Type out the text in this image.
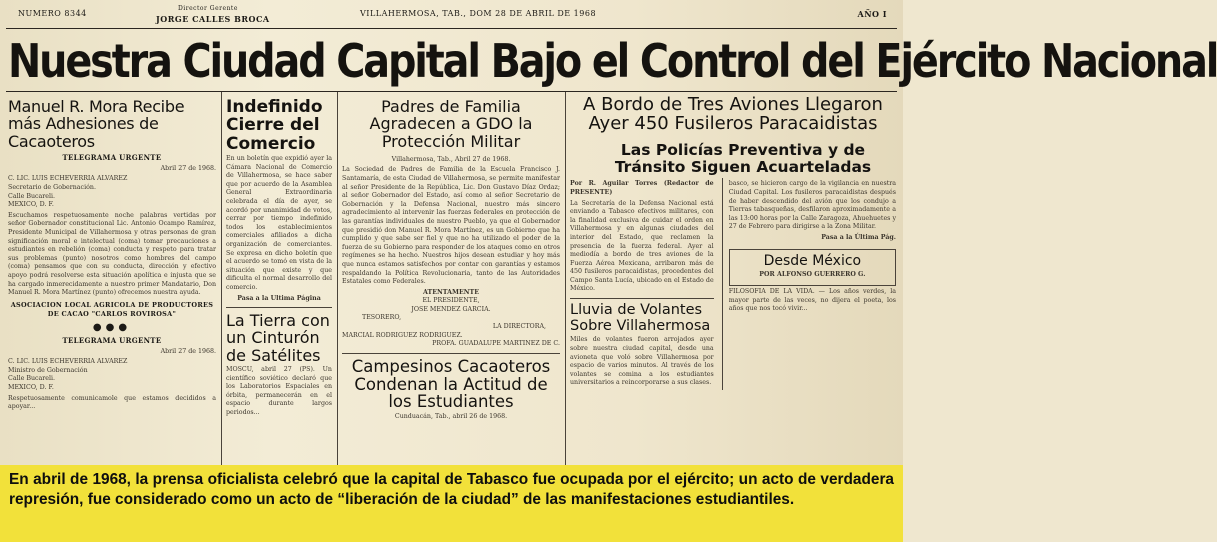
NUMERO 8344
Director Gerente
JORGE CALLES BROCA
VILLAHERMOSA, TAB., DOM 28 DE ABRIL DE 1968	AÑO I
Nuestra Ciudad Capital Bajo el Control del Ejército Nacional
Manuel R. Mora Recibe más Adhesiones de Cacaoteros
TELEGRAMA URGENTE
Abril 27 de 1968.
C. LIC. LUIS ECHEVERRIA ALVAREZ
Secretario de Gobernación.
Calle Bucareli.
MEXICO, D. F.

Escuchamos respetuosamente noche palabras vertidas por señor Gobernador constitucional Lic. Antonio Ocampo Ramírez, Presidente Municipal de Villahermosa y otras personas de gran significación moral e intelectual (coma) tomar precauciones a estudiantes en rebelión (coma) conducta y respeto para tratar sus problemas (punto) nosotros como hombres del campo (coma) pensamos que con su conducta, dirección y efectivo apoyo podrá resolverse esta situación apolítica e injusta que se ha cargado inmerecidamente a nuestro primer Mandatario, Don Manuel R. Mora Martínez (punto) ofrecemos nuestra ayuda.

ASOCIACION LOCAL AGRICOLA DE PRODUCTORES DE CACAO "CARLOS ROVIROSA"
●●●
TELEGRAMA URGENTE
Abril 27 de 1968.
C. LIC. LUIS ECHEVERRIA ALVAREZ
Ministro de Gobernación
Calle Bucareli.
MEXICO, D. F.

Respetuosamente comunicamole que estamos decididos a apoyar...

Indefinido Cierre del Comercio

En un boletín que expidió ayer la Cámara Nacional de Comercio de Villahermosa, se hace saber que por acuerdo de la Asamblea General Extraordinaria celebrada el día de ayer, se acordó por unanimidad de votos, cerrar por tiempo indefinido todos los establecimientos comerciales afiliados a dicha organización de comerciantes. Se expresa en dicho boletín que el acuerdo se tomó en vista de la situación que existe y que dificulta el normal desarrollo del comercio.

Pasa a la Ultima Página
La Tierra con un Cinturón de Satélites

MOSCU, abril 27 (PS). Un científico soviético declaró que los Laboratorios Espaciales en órbita, permanecerán en el espacio durante largos periodos...

Padres de Familia Agradecen a GDO la Protección Militar
Villahermosa, Tab., Abril 27 de 1968.

La Sociedad de Padres de Familia de la Escuela Francisco J. Santamaría, de esta Ciudad de Villahermosa, se permite manifestar al señor Presidente de la República, Lic. Don Gustavo Díaz Ordaz; al señor Gobernador del Estado, así como al señor Secretario de Gobernación y la Defensa Nacional, nuestro más sincero agradecimiento al intervenir las fuerzas federales en protección de las garantías individuales de nuestro Pueblo, ya que el Gobernador que presidió don Manuel R. Mora Martínez, es un Gobierno que ha cumplido y que sabe ser fiel y que no ha utilizado el poder de la fuerza de su Gobierno para responder de los ataques como en otros regímenes se ha hecho. Nuestros hijos desean estudiar y hoy más que nunca estamos satisfechos por contar con garantías y estamos respaldando la Política Revolucionaria, tanto de las Autoridades Estatales como Federales.

ATENTAMENTE
EL PRESIDENTE,
JOSE MENDEZ GARCIA.
TESORERO,
LA DIRECTORA,
MARCIAL RODRIGUEZ RODRIGUEZ.
PROFA. GUADALUPE MARTINEZ DE C.
Campesinos Cacaoteros Condenan la Actitud de los Estudiantes
Cunduacán, Tab., abril 26 de 1968.
A Bordo de Tres Aviones Llegaron Ayer 450 Fusileros Paracaidistas
Las Policías Preventiva y de Tránsito Siguen Acuarteladas
Por R. Aguilar Torres (Redactor de PRESENTE)

La Secretaría de la Defensa Nacional está enviando a Tabasco efectivos militares, con la finalidad exclusiva de cuidar el orden en Villahermosa y en algunas ciudades del interior del Estado, que reclamen la presencia de la fuerza federal. Ayer al mediodía a bordo de tres aviones de la Fuerza Aérea Mexicana, arribaron más de 450 fusileros paracaidistas, procedentes del Campo Santa Lucía, ubicado en el Estado de México.

Lluvia de Volantes Sobre Villahermosa

Miles de volantes fueron arrojados ayer sobre nuestra ciudad capital, desde una avioneta que voló sobre Villahermosa por espacio de varios minutos. Al través de los volantes se comina a los estudiantes universitarios a reincorporarse a sus clases.

basco, se hicieron cargo de la vigilancia en nuestra Ciudad Capital. Los fusileros paracaidistas después de haber descendido del avión que los condujo a Tierras tabasqueñas, desfilaron aproximadamente a las 13:00 horas por la Calle Zaragoza, Ahuehuetes y 27 de Febrero para dirigirse a la Zona Militar.

Pasa a la Última Pág.
Desde México
POR ALFONSO GUERRERO G.

FILOSOFIA DE LA VIDA. — Los años verdes, la mayor parte de las veces, no dijera el poeta, los años que nos tocó vivir...

En abril de 1968, la prensa oficialista celebró que la capital de Tabasco fue ocupada por el ejército; un acto de verdadera represión, fue considerado como un acto de “liberación de la ciudad” de las manifestaciones estudiantiles.
